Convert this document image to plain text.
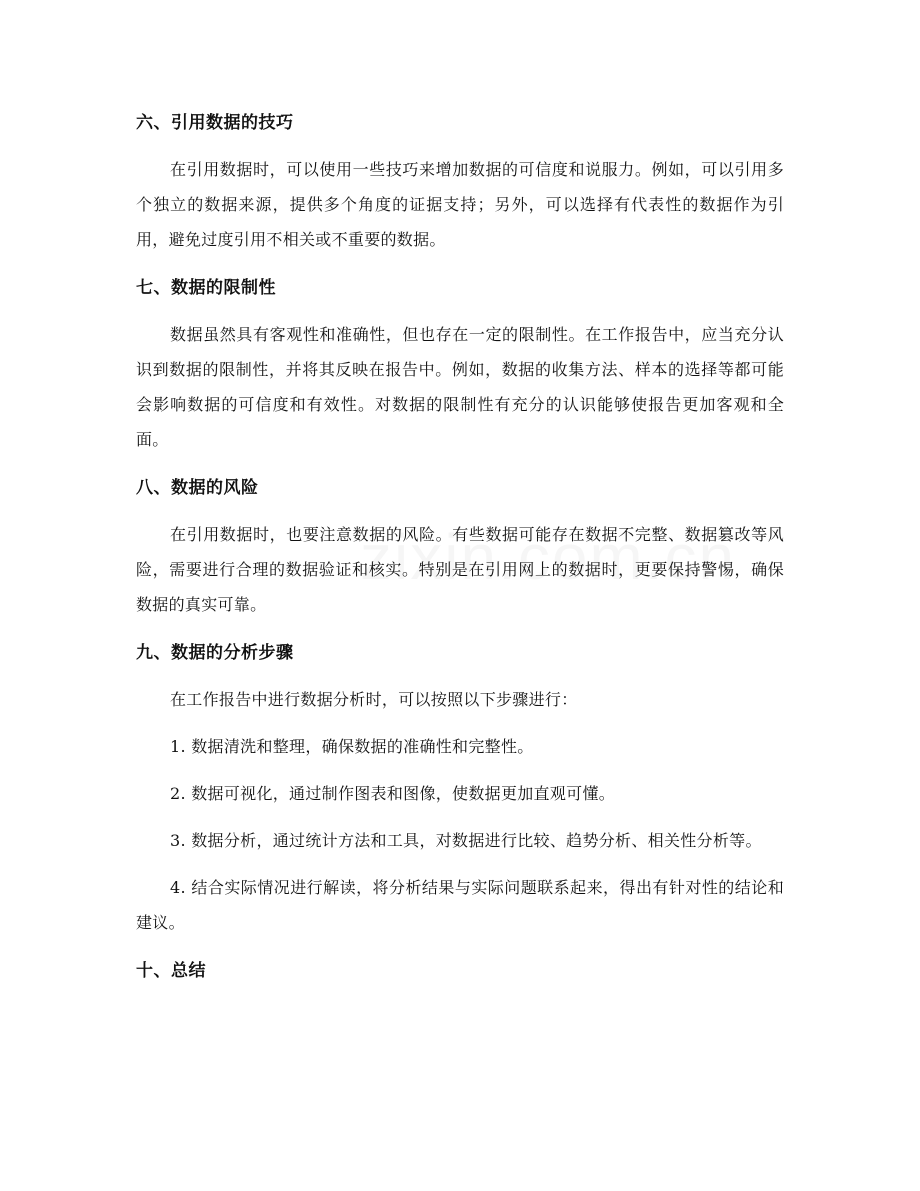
六、引用数据的技巧

在引用数据时，可以使用一些技巧来增加数据的可信度和说服力。例如，可以引用多个独立的数据来源，提供多个角度的证据支持；另外，可以选择有代表性的数据作为引用，避免过度引用不相关或不重要的数据。

七、数据的限制性

数据虽然具有客观性和准确性，但也存在一定的限制性。在工作报告中，应当充分认识到数据的限制性，并将其反映在报告中。例如，数据的收集方法、样本的选择等都可能会影响数据的可信度和有效性。对数据的限制性有充分的认识能够使报告更加客观和全面。

八、数据的风险

在引用数据时，也要注意数据的风险。有些数据可能存在数据不完整、数据篡改等风险，需要进行合理的数据验证和核实。特别是在引用网上的数据时，更要保持警惕，确保数据的真实可靠。

九、数据的分析步骤

在工作报告中进行数据分析时，可以按照以下步骤进行：

1. 数据清洗和整理，确保数据的准确性和完整性。

2. 数据可视化，通过制作图表和图像，使数据更加直观可懂。

3. 数据分析，通过统计方法和工具，对数据进行比较、趋势分析、相关性分析等。

4. 结合实际情况进行解读，将分析结果与实际问题联系起来，得出有针对性的结论和建议。

十、总结
